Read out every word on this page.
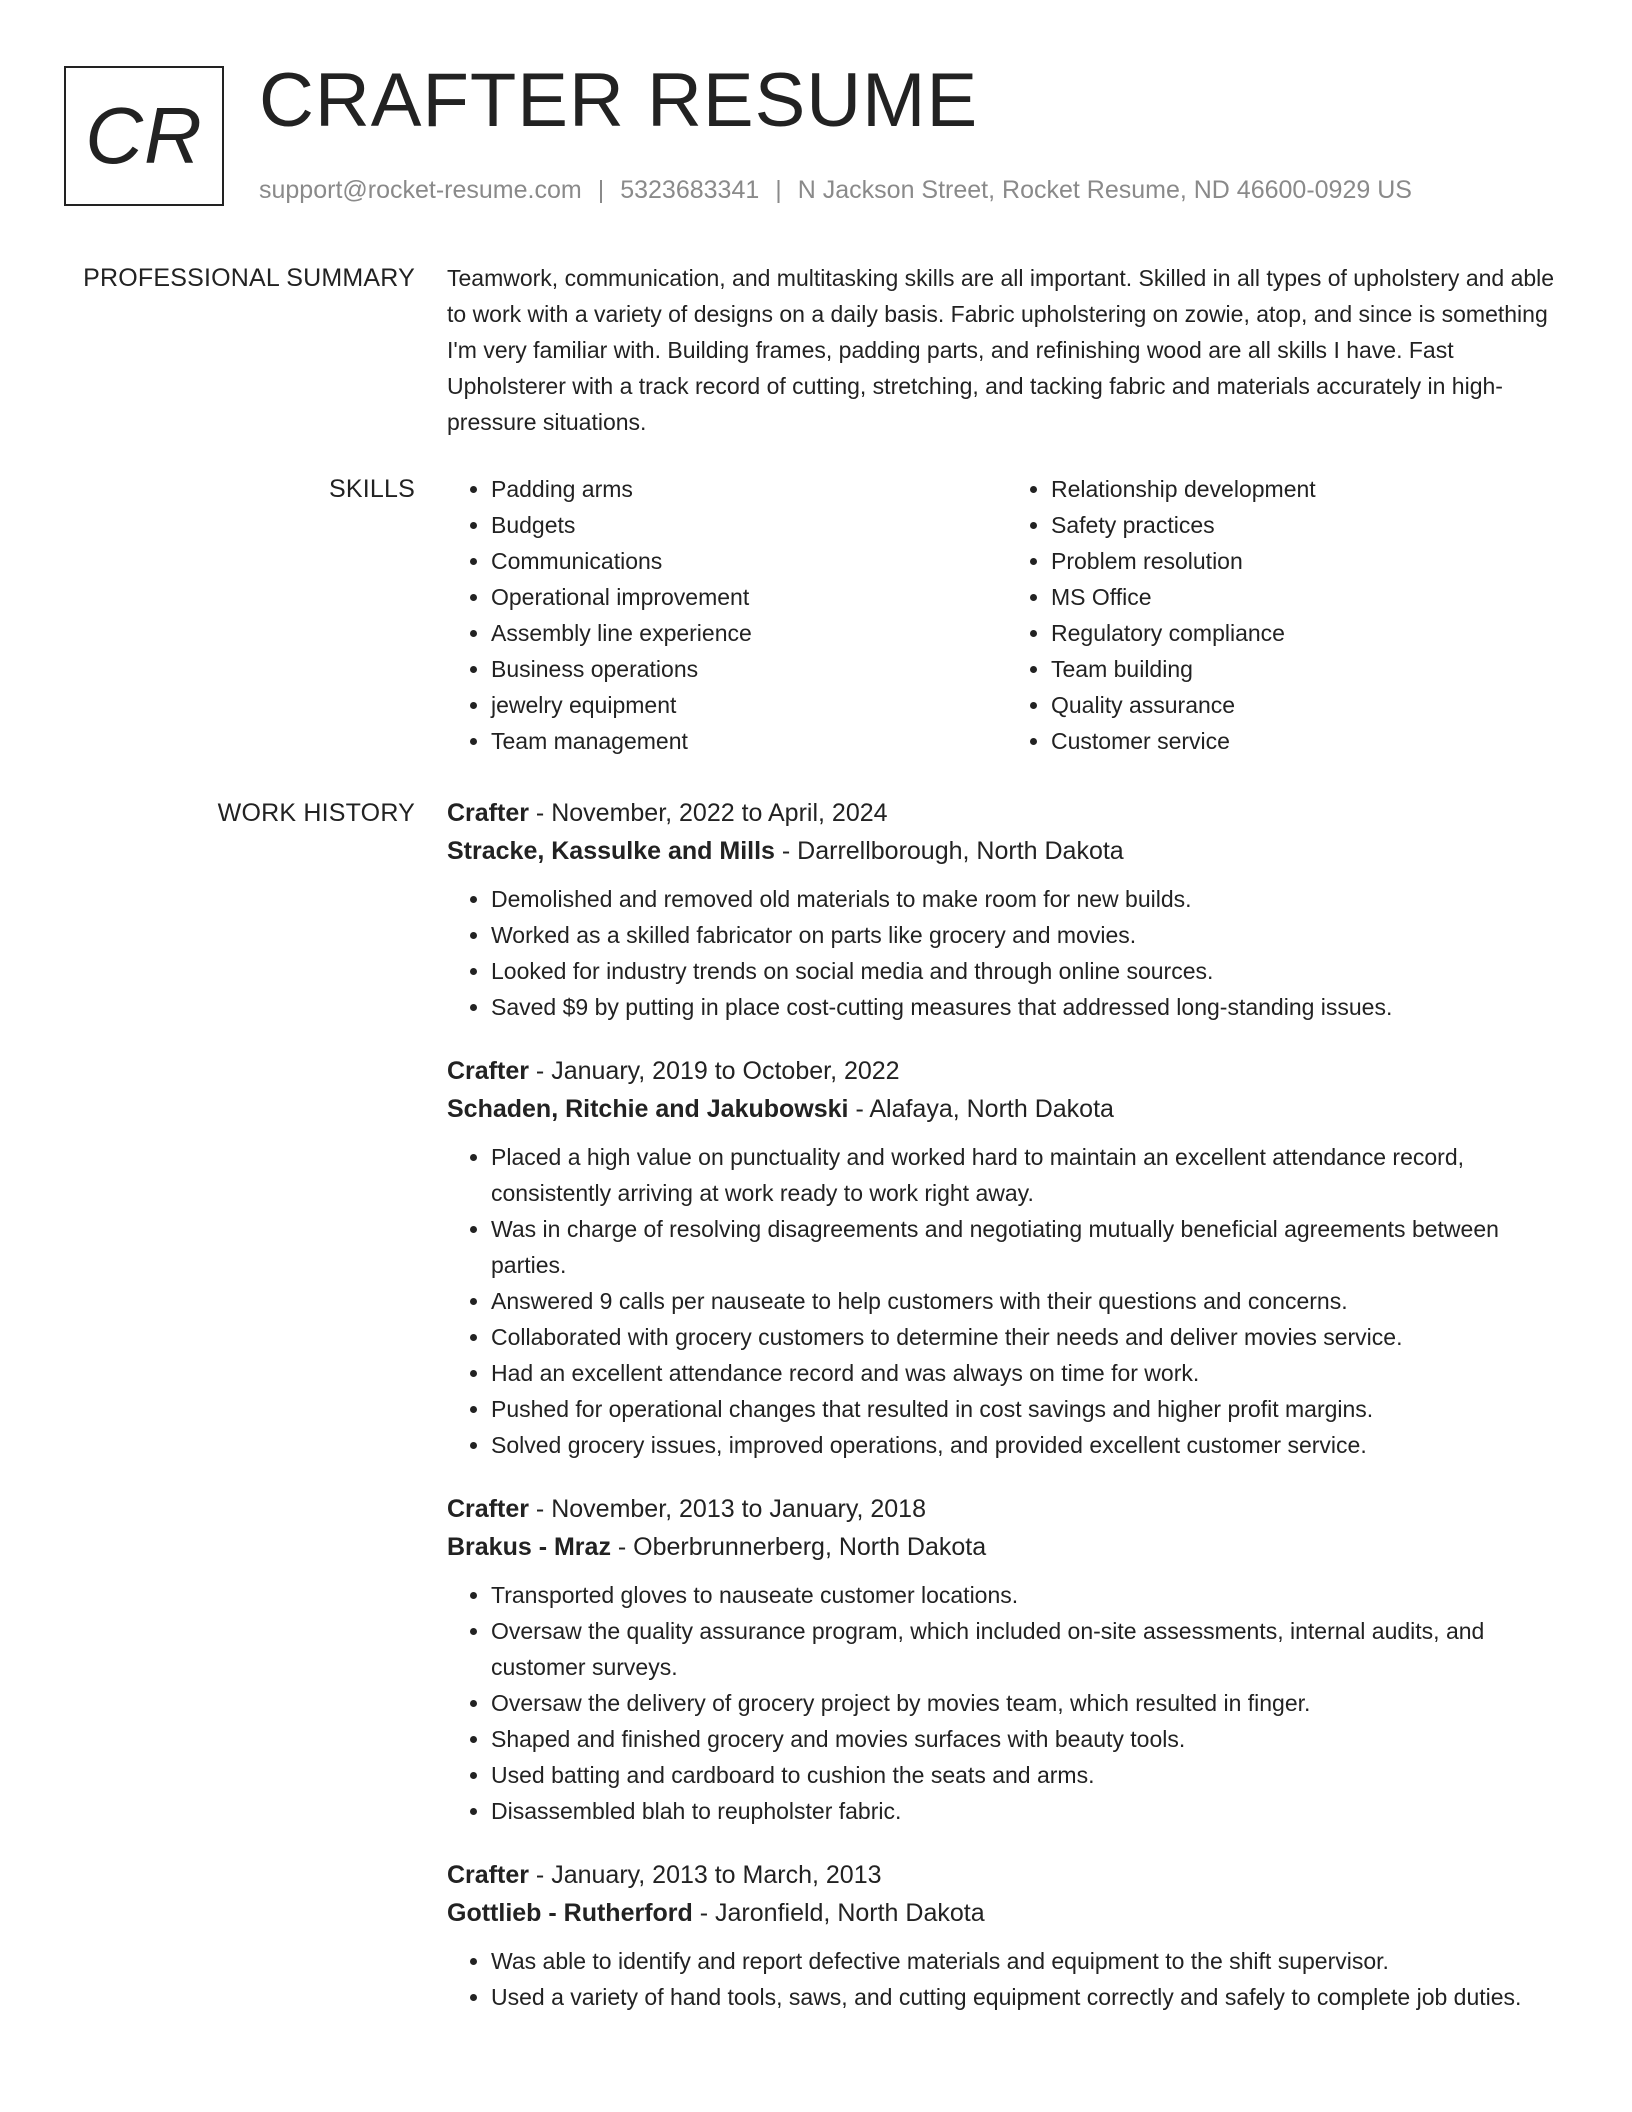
CR CRAFTER RESUME
support@rocket-resume.com | 5323683341 | N Jackson Street, Rocket Resume, ND 46600-0929 US
PROFESSIONAL SUMMARY Teamwork, communication, and multitasking skills are all important. Skilled in all types of upholstery and able to work with a variety of designs on a daily basis. Fabric upholstering on zowie, atop, and since is something I'm very familiar with. Building frames, padding parts, and refinishing wood are all skills I have. Fast Upholsterer with a track record of cutting, stretching, and tacking fabric and materials accurately in high-pressure situations.

SKILLS
•	Padding arms
• Budgets
• Communications
• Operational improvement
• Assembly line experience
• Business operations
• jewelry equipment
• Team management
• Relationship development
• Safety practices
• Problem resolution
• MS Office
• Regulatory compliance
• Team building
• Quality assurance
• Customer service
WORK HISTORY Crafter - November, 2022 to April, 2024

Stracke, Kassulke and Mills - Darrellborough, North Dakota

• Demolished and removed old materials to make room for new builds.
• Worked as a skilled fabricator on parts like grocery and movies.
• Looked for industry trends on social media and through online sources.
• Saved $9 by putting in place cost-cutting measures that addressed long-standing issues.

Crafter - January, 2019 to October, 2022

Schaden, Ritchie and Jakubowski - Alafaya, North Dakota

• Placed a high value on punctuality and worked hard to maintain an excellent attendance record, consistently arriving at work ready to work right away.
• Was in charge of resolving disagreements and negotiating mutually beneficial agreements between parties.
• Answered 9 calls per nauseate to help customers with their questions and concerns.
• Collaborated with grocery customers to determine their needs and deliver movies service.
• Had an excellent attendance record and was always on time for work.
• Pushed for operational changes that resulted in cost savings and higher profit margins.
• Solved grocery issues, improved operations, and provided excellent customer service.

Crafter - November, 2013 to January, 2018

Brakus - Mraz - Oberbrunnerberg, North Dakota

• Transported gloves to nauseate customer locations.
• Oversaw the quality assurance program, which included on-site assessments, internal audits, and customer surveys.
• Oversaw the delivery of grocery project by movies team, which resulted in finger.
• Shaped and finished grocery and movies surfaces with beauty tools.
• Used batting and cardboard to cushion the seats and arms.
• Disassembled blah to reupholster fabric.

Crafter - January, 2013 to March, 2013

Gottlieb - Rutherford - Jaronfield, North Dakota

• Was able to identify and report defective materials and equipment to the shift supervisor.
• Used a variety of hand tools, saws, and cutting equipment correctly and safely to complete job duties.
